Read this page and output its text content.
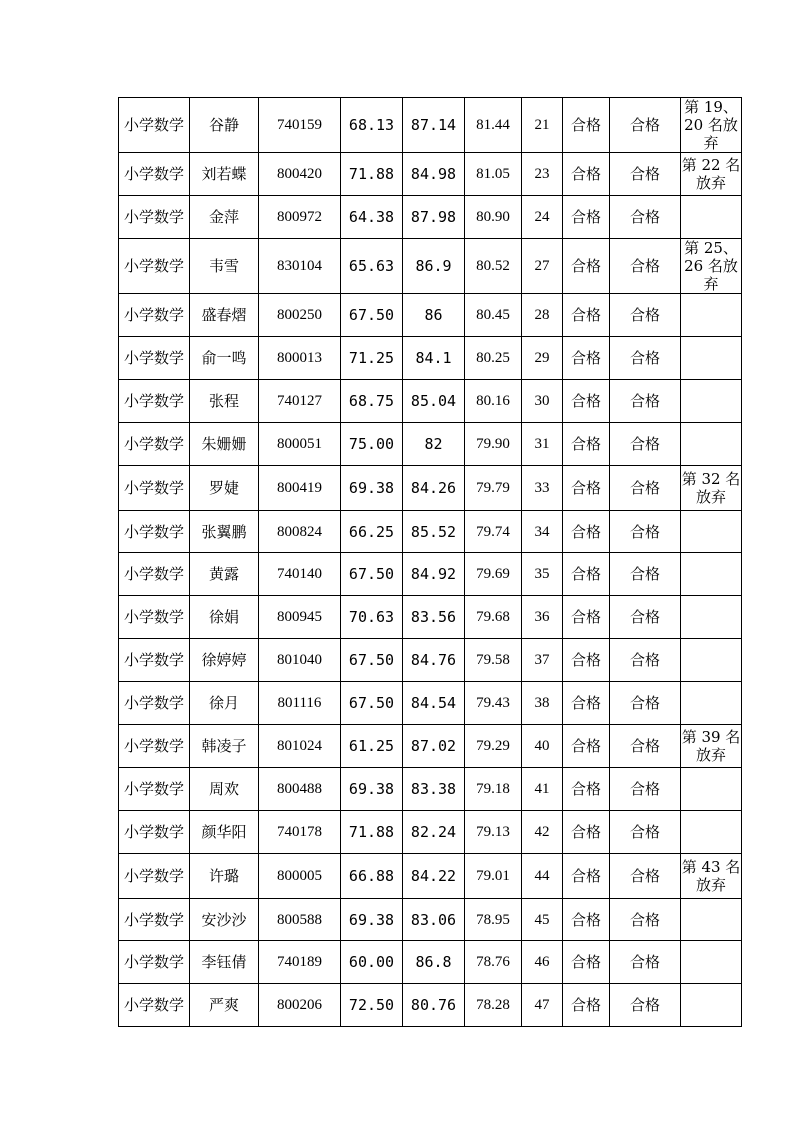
小学数学	谷静	740159	68.13	87.14	81.44	21	合格	合格	第 19、20 名放弃
小学数学	刘若蝶	800420	71.88	84.98	81.05	23	合格	合格	第 22 名放弃
小学数学	金萍	800972	64.38	87.98	80.90	24	合格	合格	
小学数学	韦雪	830104	65.63	86.9	80.52	27	合格	合格	第 25、26 名放弃
小学数学	盛春熠	800250	67.50	86	80.45	28	合格	合格	
小学数学	俞一鸣	800013	71.25	84.1	80.25	29	合格	合格	
小学数学	张程	740127	68.75	85.04	80.16	30	合格	合格	
小学数学	朱姗姗	800051	75.00	82	79.90	31	合格	合格	
小学数学	罗婕	800419	69.38	84.26	79.79	33	合格	合格	第 32 名放弃
小学数学	张翼鹏	800824	66.25	85.52	79.74	34	合格	合格	
小学数学	黄露	740140	67.50	84.92	79.69	35	合格	合格	
小学数学	徐娟	800945	70.63	83.56	79.68	36	合格	合格	
小学数学	徐婷婷	801040	67.50	84.76	79.58	37	合格	合格	
小学数学	徐月	801116	67.50	84.54	79.43	38	合格	合格	
小学数学	韩凌子	801024	61.25	87.02	79.29	40	合格	合格	第 39 名放弃
小学数学	周欢	800488	69.38	83.38	79.18	41	合格	合格	
小学数学	颜华阳	740178	71.88	82.24	79.13	42	合格	合格	
小学数学	许璐	800005	66.88	84.22	79.01	44	合格	合格	第 43 名放弃
小学数学	安沙沙	800588	69.38	83.06	78.95	45	合格	合格	
小学数学	李钰倩	740189	60.00	86.8	78.76	46	合格	合格	
小学数学	严爽	800206	72.50	80.76	78.28	47	合格	合格	
